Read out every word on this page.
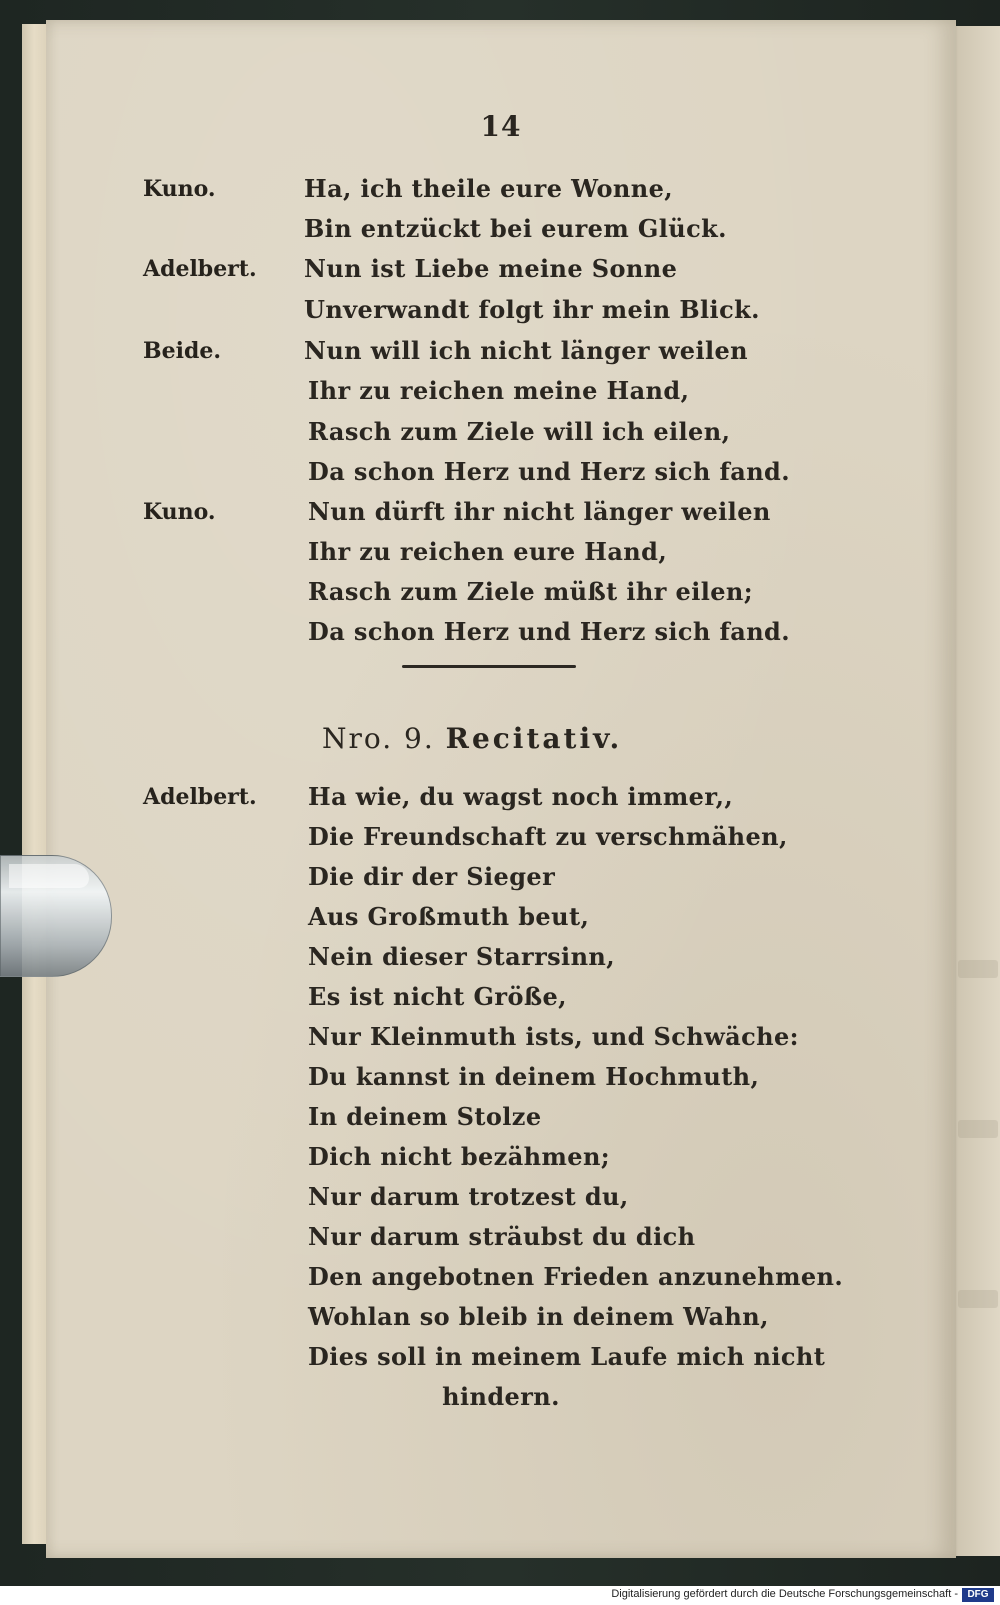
14
Kuno.	Ha, ich theile eure Wonne,
Bin entzückt bei eurem Glück.
Adelbert. Nun ist Liebe meine Sonne
Unverwandt folgt ihr mein Blick.
Beide.	Nun will ich nicht länger weilen
Ihr zu reichen meine Hand,
Rasch zum Ziele will ich eilen,
Da schon Herz und Herz sich fand.
Kuno.	Nun dürft ihr nicht länger weilen
Ihr zu reichen eure Hand,
Rasch zum Ziele müßt ihr eilen;
Da schon Herz und Herz sich fand.
Nro. 9. Recitativ.
Adelbert. Ha wie, du wagst noch immer,,
Die Freundschaft zu verschmähen,
Die dir der Sieger
Aus Großmuth beut,
Nein dieser Starrsinn,
Es ist nicht Größe,
Nur Kleinmuth ists, und Schwäche:
Du kannst in deinem Hochmuth,
In deinem Stolze
Dich nicht bezähmen;
Nur darum trotzest du,
Nur darum sträubst du dich
Den angebotnen Frieden anzunehmen.
Wohlan so bleib in deinem Wahn,
Dies soll in meinem Laufe mich nicht
hindern.
Digitalisierung gefördert durch die Deutsche Forschungsgemeinschaft - DFG
